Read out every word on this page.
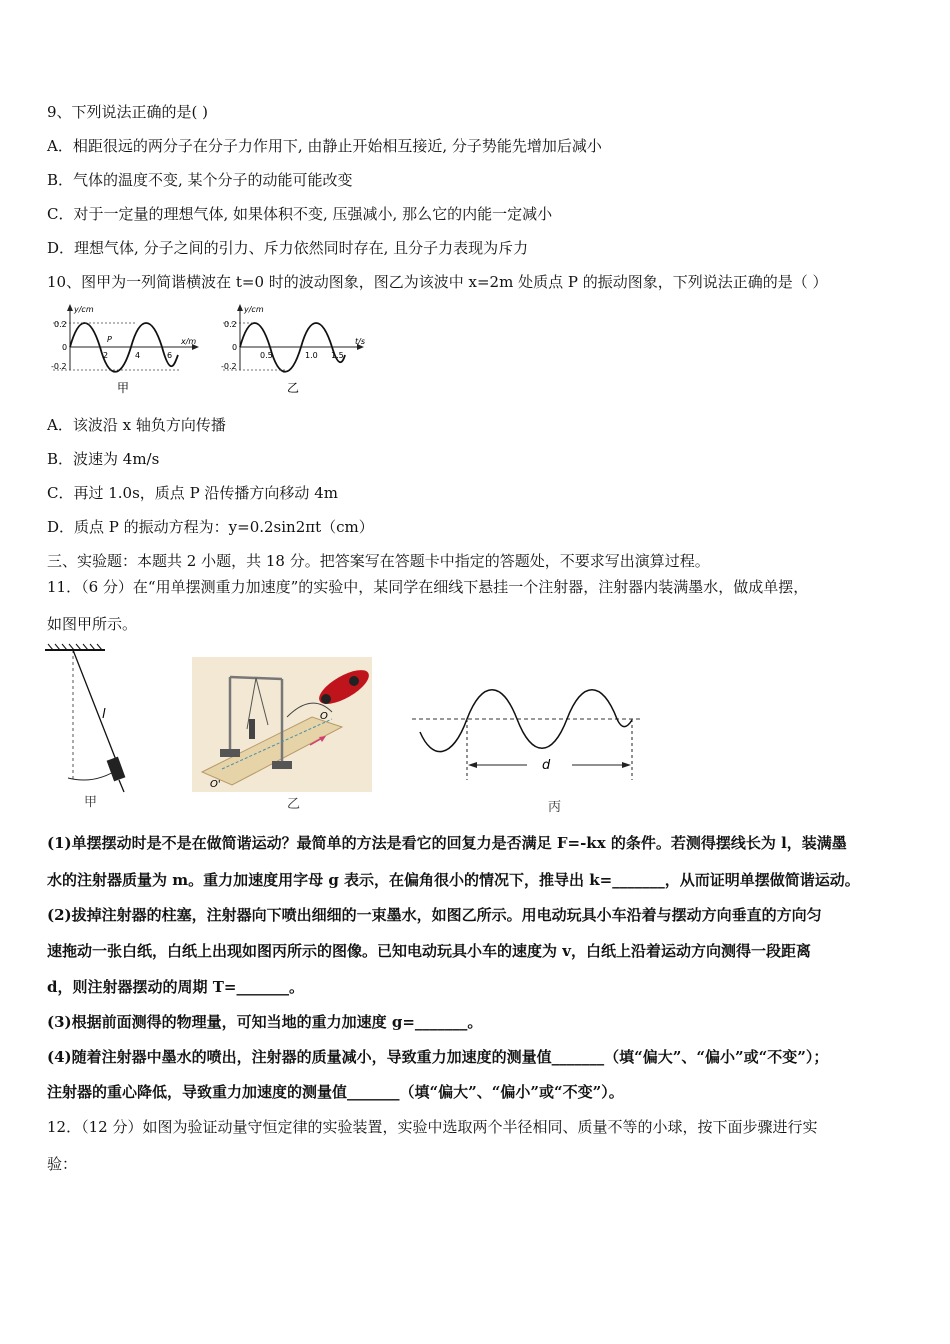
9、下列说法正确的是( )
A．相距很远的两分子在分子力作用下, 由静止开始相互接近, 分子势能先增加后减小
B．气体的温度不变, 某个分子的动能可能改变
C．对于一定量的理想气体, 如果体积不变, 压强减小, 那么它的内能一定减小
D．理想气体, 分子之间的引力、斥力依然同时存在, 且分子力表现为斥力
10、图甲为一列简谐横波在 t=0 时的波动图象，图乙为该波中 x=2m 处质点 P 的振动图象，下列说法正确的是（ ）
y/cm
x/m
0.2
-0.2
0
2	4	6
P
甲
y/cm
t/s
0.2
-0.2
0
0.5	1.0 1.5
乙
A．该波沿 x 轴负方向传播
B．波速为 4m/s
C．再过 1.0s，质点 P 沿传播方向移动 4m
D．质点 P 的振动方程为：y=0.2sin2πt（cm）
三、实验题：本题共 2 小题，共 18 分。把答案写在答题卡中指定的答题处，不要求写出演算过程。
11．（6 分）在“用单摆测重力加速度”的实验中，某同学在细线下悬挂一个注射器，注射器内装满墨水，做成单摆，
如图甲所示。
l
甲
O
O'
乙
d
丙
(1)单摆摆动时是不是在做简谐运动？最简单的方法是看它的回复力是否满足 F=-kx 的条件。若测得摆线长为 l，装满墨
水的注射器质量为 m。重力加速度用字母 g 表示，在偏角很小的情况下，推导出 k=_______，从而证明单摆做简谐运动。
(2)拔掉注射器的柱塞，注射器向下喷出细细的一束墨水，如图乙所示。用电动玩具小车沿着与摆动方向垂直的方向匀
速拖动一张白纸，白纸上出现如图丙所示的图像。已知电动玩具小车的速度为 v，白纸上沿着运动方向测得一段距离
d，则注射器摆动的周期 T=_______。
(3)根据前面测得的物理量，可知当地的重力加速度 g=_______。
(4)随着注射器中墨水的喷出，注射器的质量减小，导致重力加速度的测量值_______（填“偏大”、“偏小”或“不变”）；
注射器的重心降低，导致重力加速度的测量值_______（填“偏大”、“偏小”或“不变”）。
12．（12 分）如图为验证动量守恒定律的实验装置，实验中选取两个半径相同、质量不等的小球，按下面步骤进行实
验：
